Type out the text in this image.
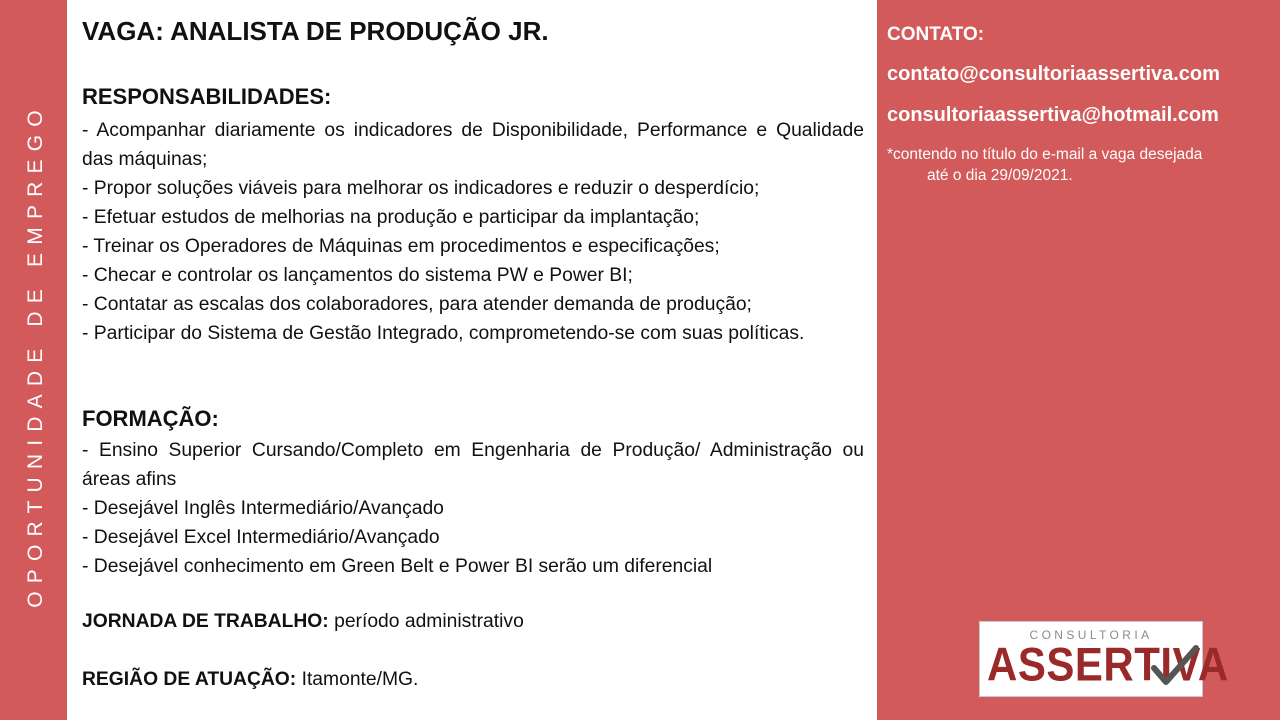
OPORTUNIDADE DE EMPREGO
VAGA: ANALISTA DE PRODUÇÃO JR.
RESPONSABILIDADES:
- Acompanhar diariamente os indicadores de Disponibilidade, Performance e Qualidade das máquinas;
- Propor soluções viáveis para melhorar os indicadores e reduzir o desperdício;
- Efetuar estudos de melhorias na produção e participar da implantação;
- Treinar os Operadores de Máquinas em procedimentos e especificações;
- Checar e controlar os lançamentos do sistema PW e Power BI;
- Contatar as escalas dos colaboradores, para atender demanda de produção;
- Participar do Sistema de Gestão Integrado, comprometendo-se com suas políticas.
FORMAÇÃO:
- Ensino Superior Cursando/Completo em Engenharia de Produção/ Administração ou áreas afins
- Desejável Inglês Intermediário/Avançado
- Desejável Excel Intermediário/Avançado
- Desejável conhecimento em Green Belt e Power BI serão um diferencial
JORNADA DE TRABALHO: período administrativo
REGIÃO DE ATUAÇÃO: Itamonte/MG.
CONTATO:
contato@consultoriaassertiva.com
consultoriaassertiva@hotmail.com
*contendo no título do e-mail a vaga desejada
até o dia 29/09/2021.
CONSULTORIA
ASSERTIVA
